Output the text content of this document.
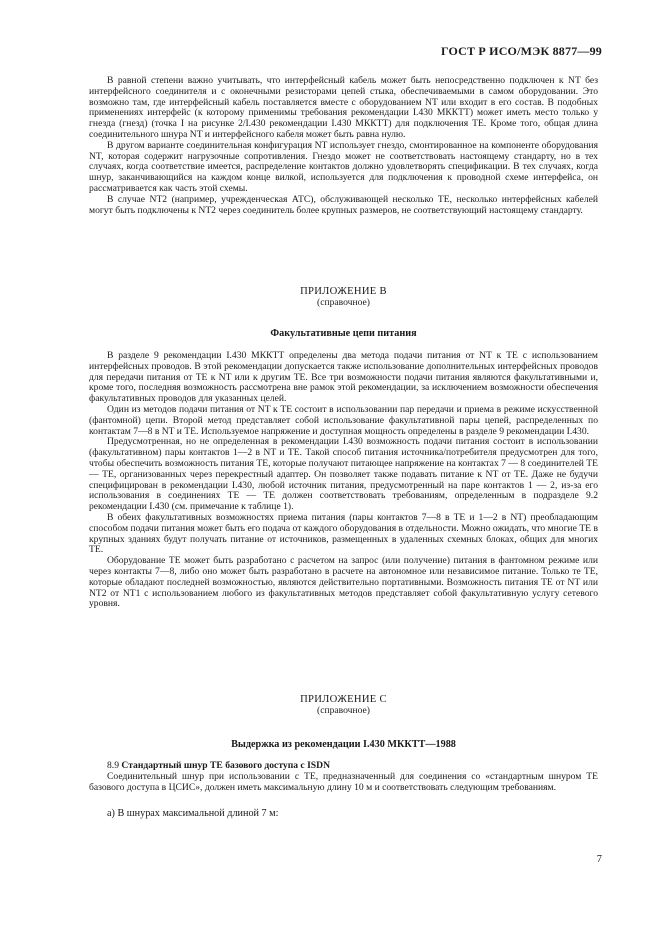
ГОСТ Р ИСО/МЭК 8877—99

В равной степени важно учитывать, что интерфейсный кабель может быть непосредственно подключен к NT без интерфейсного соединителя и с оконечными резисторами цепей стыка, обеспечиваемыми в самом оборудовании. Это возможно там, где интерфейсный кабель поставляется вместе с оборудованием NT или входит в его состав. В подобных применениях интерфейс (к которому применимы требования рекомендации I.430 МККТТ) может иметь место только у гнезда (гнезд) (точка I на рисунке 2/I.430 рекомендации I.430 МККТТ) для подключения ТЕ. Кроме того, общая длина соединительного шнура NT и интерфейсного кабеля может быть равна нулю.

В другом варианте соединительная конфигурация NT использует гнездо, смонтированное на компоненте оборудования NT, которая содержит нагрузочные сопротивления. Гнездо может не соответствовать настоящему стандарту, но в тех случаях, когда соответствие имеется, распределение контактов должно удовлетворять спецификации. В тех случаях, когда шнур, заканчивающийся на каждом конце вилкой, используется для подключения к проводной схеме интерфейса, он рассматривается как часть этой схемы.

В случае NT2 (например, учрежденческая АТС), обслуживающей несколько ТЕ, несколько интерфейсных кабелей могут быть подключены к NT2 через соединитель более крупных размеров, не соответствующий настоящему стандарту.

ПРИЛОЖЕНИЕ В
(справочное)
Факультативные цепи питания

В разделе 9 рекомендации I.430 МККТТ определены два метода подачи питания от NT к ТЕ с использованием интерфейсных проводов. В этой рекомендации допускается также использование дополнительных интерфейсных проводов для передачи питания от ТЕ к NT или к другим ТЕ. Все три возможности подачи питания являются факультативными и, кроме того, последняя возможность рассмотрена вне рамок этой рекомендации, за исключением возможности обеспечения факультативных проводов для указанных целей.

Один из методов подачи питания от NT к ТЕ состоит в использовании пар передачи и приема в режиме искусственной (фантомной) цепи. Второй метод представляет собой использование факультативной пары цепей, распределенных по контактам 7—8 в NT и ТЕ. Используемое напряжение и доступная мощность определены в разделе 9 рекомендации I.430.

Предусмотренная, но не определенная в рекомендации I.430 возможность подачи питания состоит в использовании (факультативном) пары контактов 1—2 в NT и ТЕ. Такой способ питания источника/потребителя предусмотрен для того, чтобы обеспечить возможность питания ТЕ, которые получают питающее напряжение на контактах 7 — 8 соединителей ТЕ — ТЕ, организованных через перекрестный адаптер. Он позволяет также подавать питание к NT от ТЕ. Даже не будучи специфицирован в рекомендации I.430, любой источник питания, предусмотренный на паре контактов 1 — 2, из-за его использования в соединениях ТЕ — ТЕ должен соответствовать требованиям, определенным в подразделе 9.2 рекомендации I.430 (см. примечание к таблице 1).

В обеих факультативных возможностях приема питания (пары контактов 7—8 в ТЕ и 1—2 в NT) преобладающим способом подачи питания может быть его подача от каждого оборудования в отдельности. Можно ожидать, что многие ТЕ в крупных зданиях будут получать питание от источников, размещенных в удаленных схемных блоках, общих для многих ТЕ.

Оборудование ТЕ может быть разработано с расчетом на запрос (или получение) питания в фантомном режиме или через контакты 7—8, либо оно может быть разработано в расчете на автономное или независимое питание. Только те ТЕ, которые обладают последней возможностью, являются действительно портативными. Возможность питания ТЕ от NT или NT2 от NT1 с использованием любого из факультативных методов представляет собой факультативную услугу сетевого уровня.

ПРИЛОЖЕНИЕ С
(справочное)
Выдержка из рекомендации I.430 МККТТ—1988
8.9 Стандартный шнур ТЕ базового доступа с ISDN

Соединительный шнур при использовании с ТЕ, предназначенный для соединения со «стандартным шнуром ТЕ базового доступа в ЦСИС», должен иметь максимальную длину 10 м и соответствовать следующим требованиям.

а) В шнурах максимальной длиной 7 м:
7
